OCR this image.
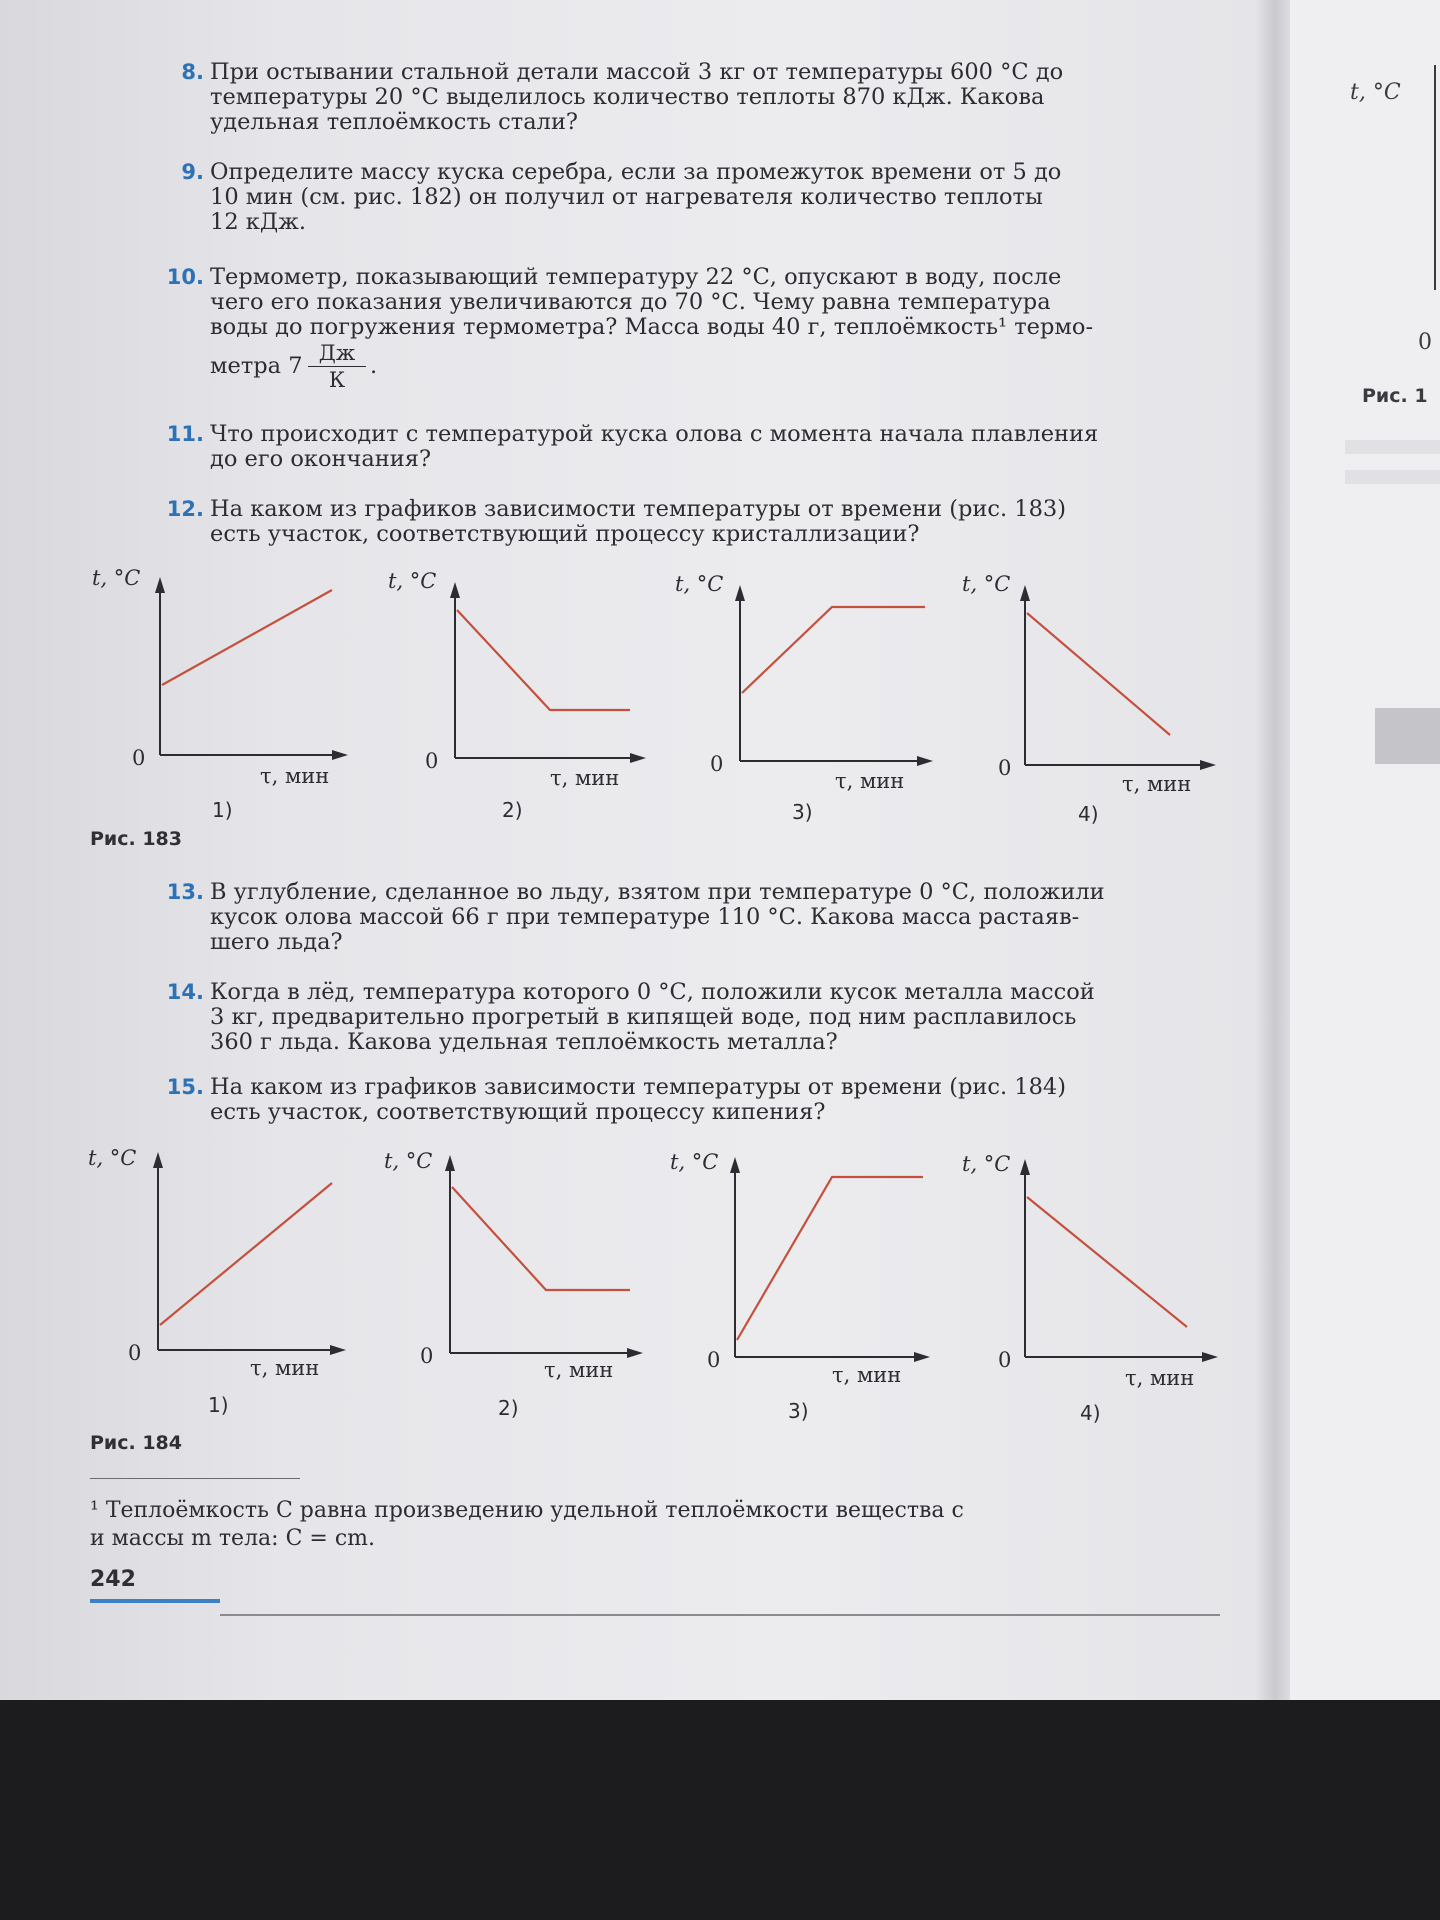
t, °C
0
Рис. 1
8. При остывании стальной детали массой 3 кг от температуры 600 °С до
температуры 20 °С выделилось количество теплоты 870 кДж. Какова
удельная теплоёмкость стали?
9. Определите массу куска серебра, если за промежуток времени от 5 до
10 мин (см. рис. 182) он получил от нагревателя количество теплоты
12 кДж.
10. Термометр, показывающий температуру 22 °С, опускают в воду, после
чего его показания увеличиваются до 70 °С. Чему равна температура
воды до погружения термометра? Масса воды 40 г, теплоёмкость¹ термо-
метра 7 Дж
К
.
11. Что происходит с температурой куска олова с момента начала плавления
до его окончания?
12. На каком из графиков зависимости температуры от времени (рис. 183)
есть участок, соответствующий процессу кристаллизации?
t, °C
0
τ, мин
1)
t, °C
0
τ, мин
2)
t, °C
0
τ, мин
3)
t, °C
0
τ, мин
4)
Рис. 183
13. В углубление, сделанное во льду, взятом при температуре 0 °С, положили
кусок олова массой 66 г при температуре 110 °С. Какова масса растаяв-
шего льда?
14. Когда в лёд, температура которого 0 °С, положили кусок металла массой
3 кг, предварительно прогретый в кипящей воде, под ним расплавилось
360 г льда. Какова удельная теплоёмкость металла?
15. На каком из графиков зависимости температуры от времени (рис. 184)
есть участок, соответствующий процессу кипения?
t, °C
0
τ, мин
1)
t, °C
0
τ, мин
2)
t, °C
0
τ, мин
3)
t, °C
0
τ, мин
4)
Рис. 184
¹ Теплоёмкость C равна произведению удельной теплоёмкости вещества c
и массы m тела: C = cm.
242
